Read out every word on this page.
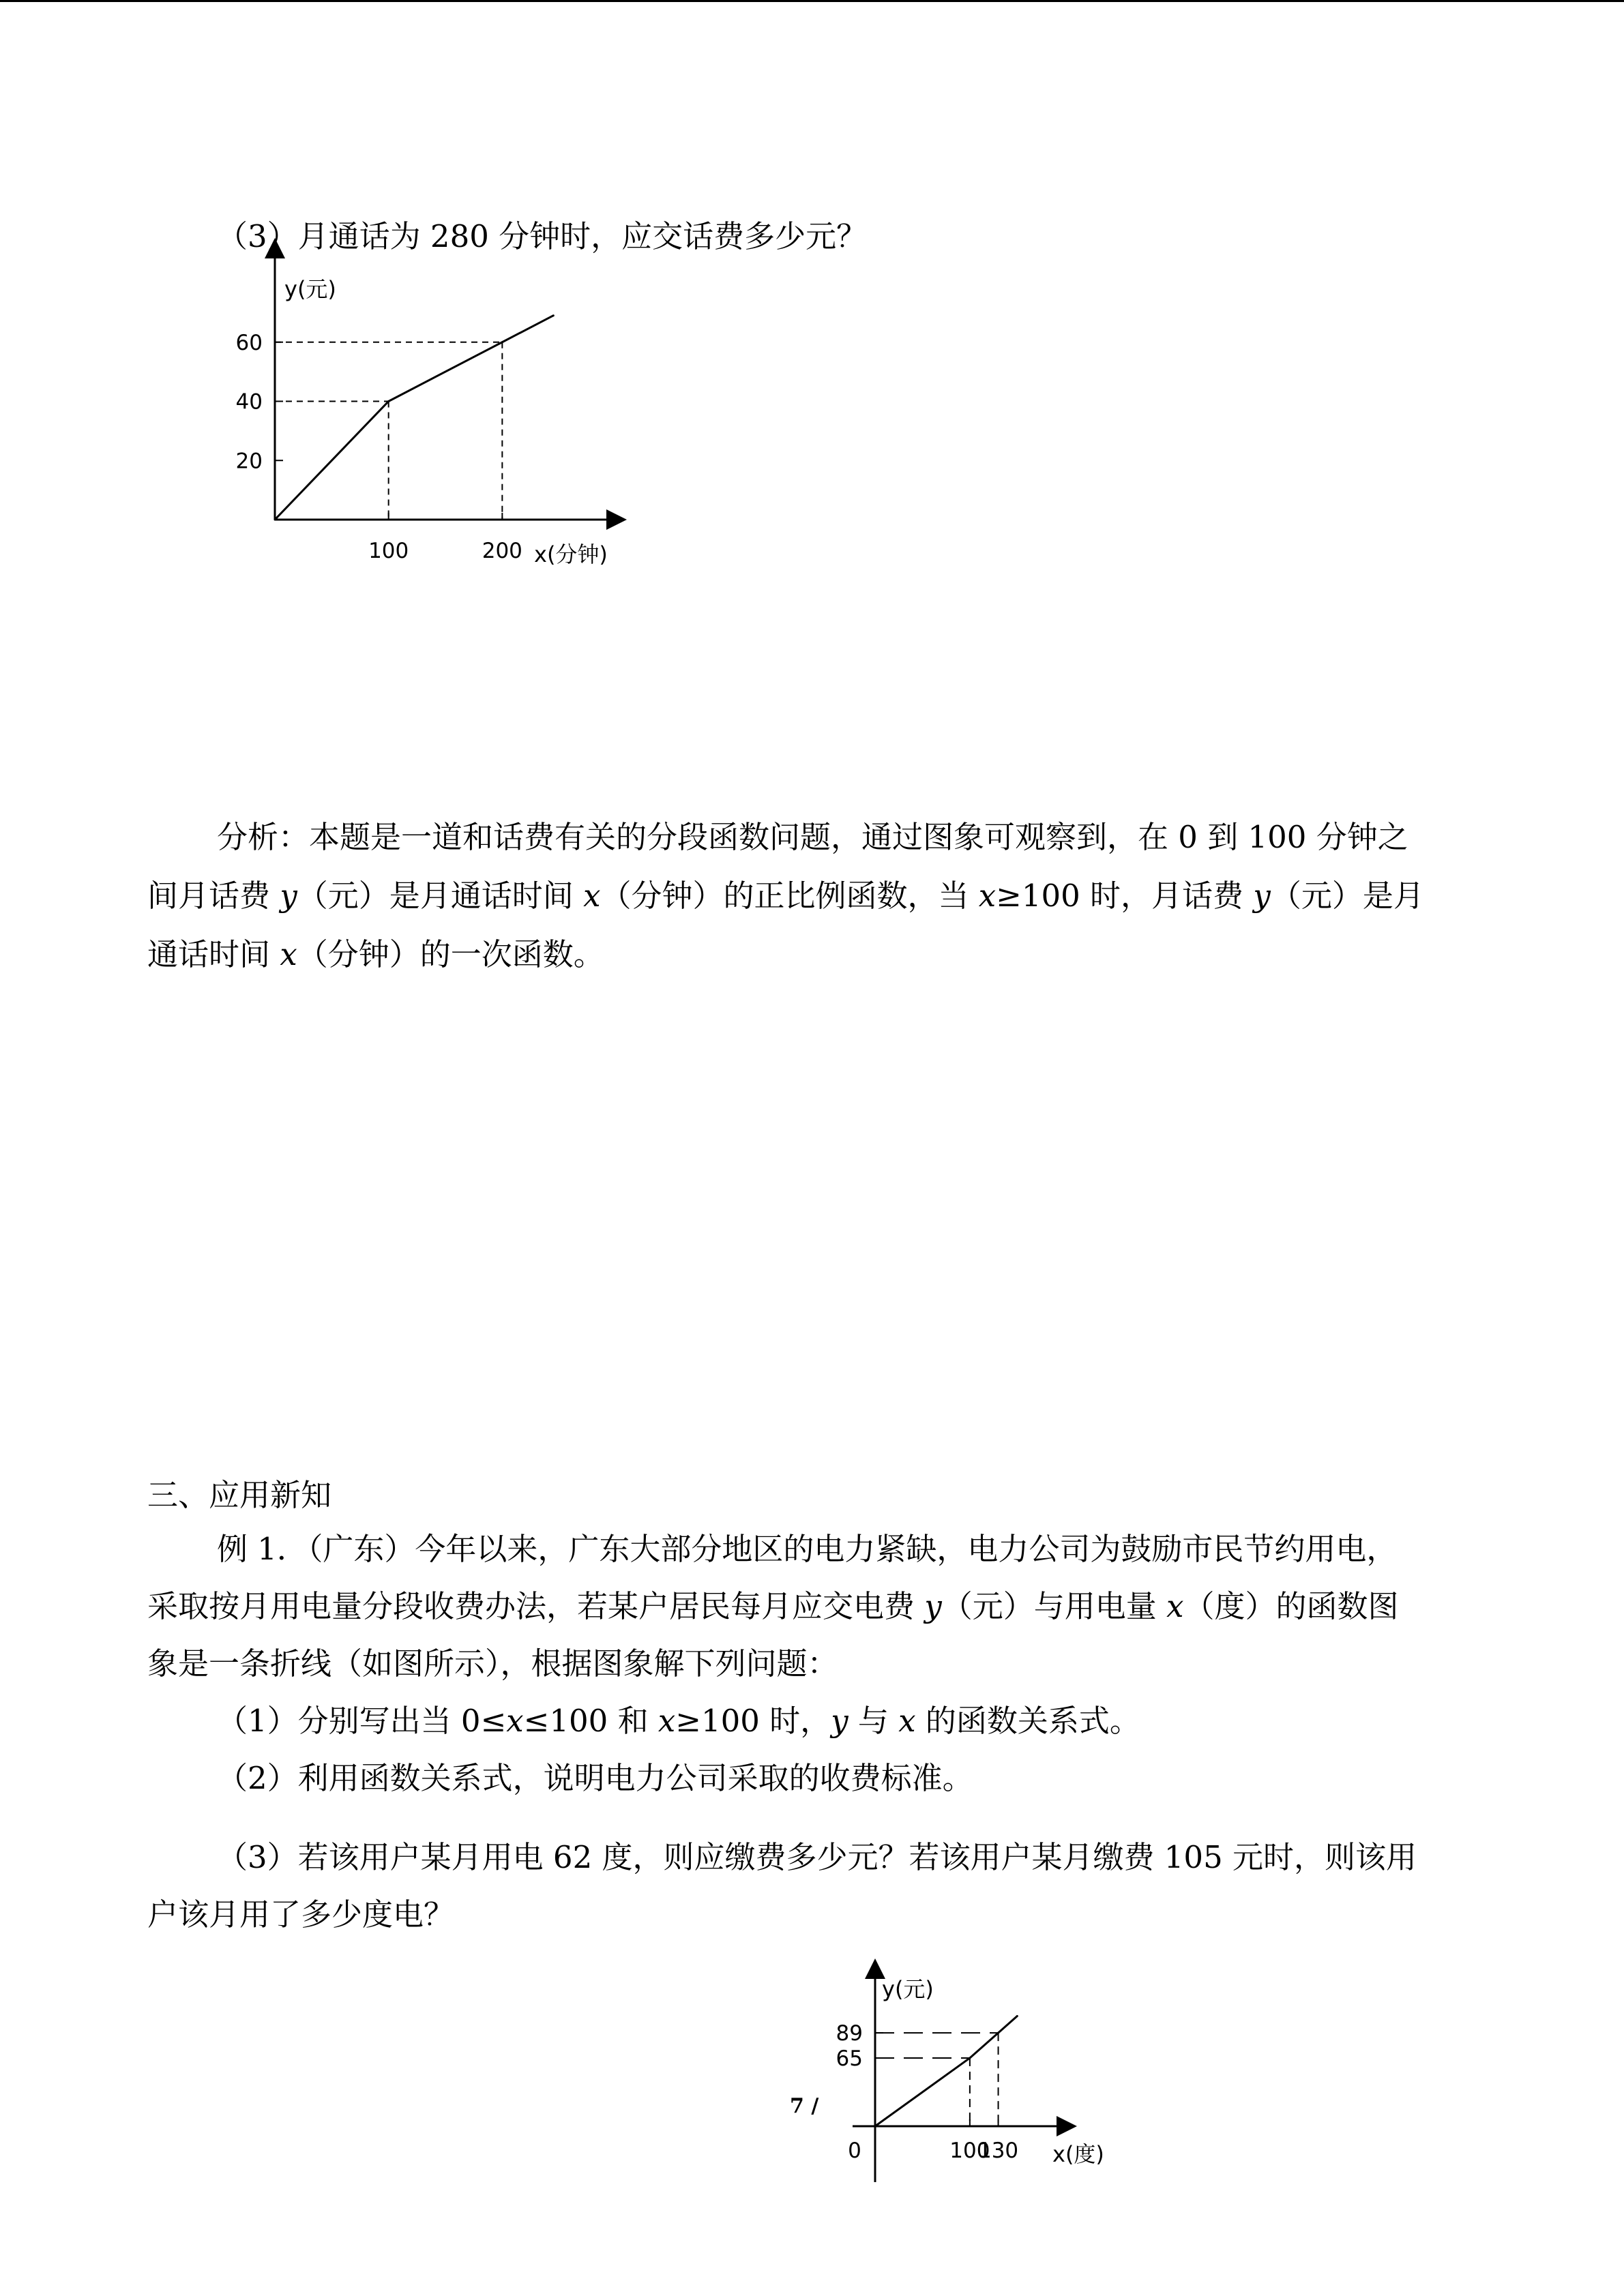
（3）月通话为 280 分钟时，应交话费多少元？
20
40
60
100	200
y(元)
x(分钟)
分析：本题是一道和话费有关的分段函数问题，通过图象可观察到，在 0 到 100 分钟之
间月话费 y（元）是月通话时间 x（分钟）的正比例函数，当 x≥100 时，月话费 y（元）是月
通话时间 x（分钟）的一次函数。
三、应用新知
例 1．（广东）今年以来，广东大部分地区的电力紧缺，电力公司为鼓励市民节约用电，
采取按月用电量分段收费办法，若某户居民每月应交电费 y（元）与用电量 x（度）的函数图
象是一条折线（如图所示），根据图象解下列问题：
（1）分别写出当 0≤x≤100 和 x≥100 时，y 与 x 的函数关系式。
（2）利用函数关系式，说明电力公司采取的收费标准。
（3）若该用户某月用电 62 度，则应缴费多少元？若该用户某月缴费 105 元时，则该用
户该月用了多少度电？
65
89
100
130
y(元)
x(度)
0
7 /
